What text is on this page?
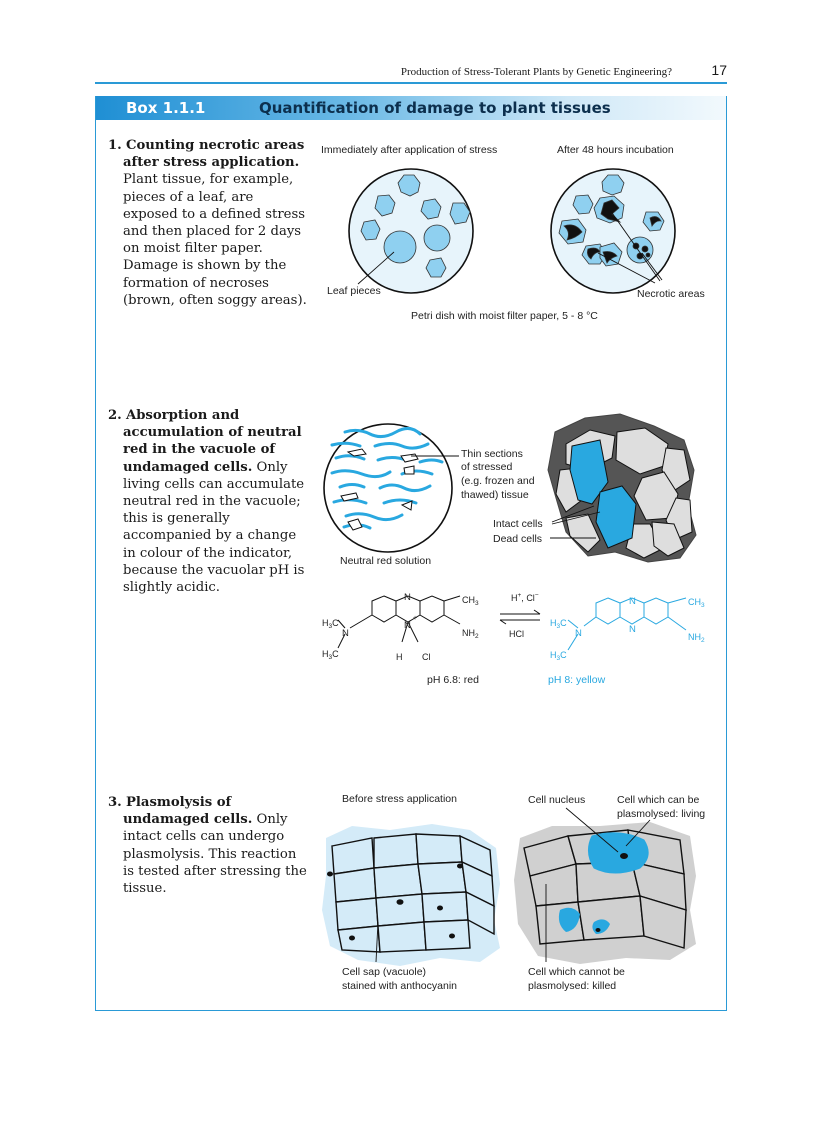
Production of Stress-Tolerant Plants by Genetic Engineering?	17
Box 1.1.1	Quantification of damage to plant tissues
1. Counting necrotic areas after stress application. Plant tissue, for example, pieces of a leaf, are exposed to a defined stress and then placed for 2 days on moist filter paper. Damage is shown by the formation of necroses (brown, often soggy areas).
2. Absorption and accumulation of neutral red in the vacuole of undamaged cells. Only living cells can accumulate neutral red in the vacuole; this is generally accompanied by a change in colour of the indicator, because the vacuolar pH is slightly acidic.
3. Plasmolysis of undamaged cells. Only intact cells can undergo plasmolysis. This reaction is tested after stressing the tissue.
Immediately after application of stress	After 48 hours incubation
Leaf pieces	Necrotic areas
Petri dish with moist filter paper, 5 - 8 °C
Thin sections
of stressed
(e.g. frozen and
thawed) tissue
Neutral red solution
Intact cells
Dead cells
N
N
+
N
$CH_3$
$NH_2$
$H_3C$
$H_3C$	H Cl
H+, Cl−
HCl
N
N
N
$CH_3$
$NH_2$
$H_3C$
$H_3C$
pH 6.8: red	pH 8: yellow
Before stress application	Cell nucleus	Cell which can be
plasmolysed: living
Cell sap (vacuole)
stained with anthocyanin
Cell which cannot be
plasmolysed: killed
